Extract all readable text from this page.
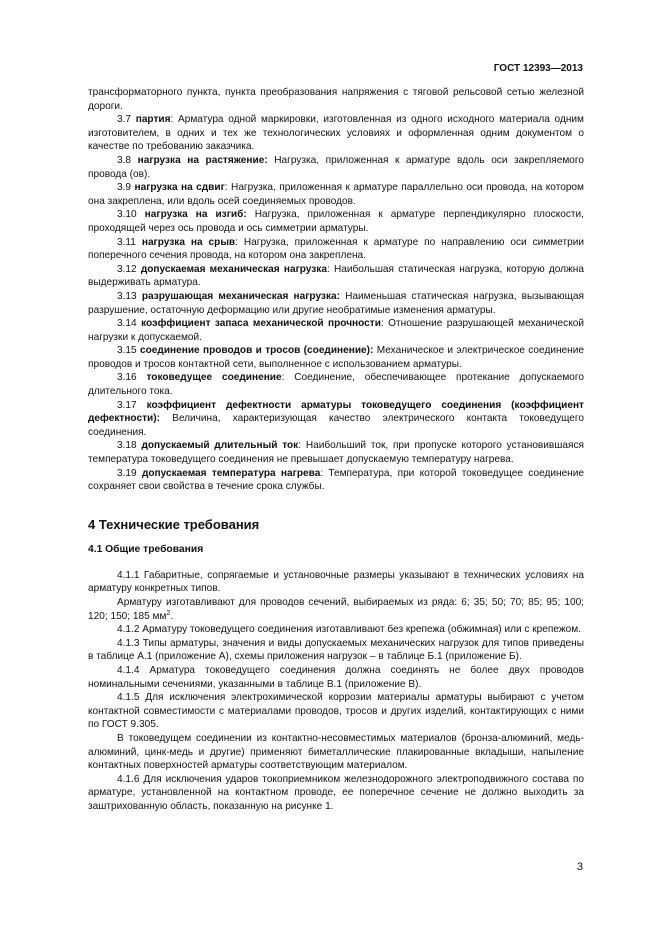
ГОСТ 12393—2013

трансформаторного пункта, пункта преобразования напряжения с тяговой рельсовой сетью железной дороги.

3.7 партия: Арматура одной маркировки, изготовленная из одного исходного материала одним изготовителем, в одних и тех же технологических условиях и оформленная одним документом о качестве по требованию заказчика.

3.8 нагрузка на растяжение: Нагрузка, приложенная к арматуре вдоль оси закрепляемого провода (ов).

3.9 нагрузка на сдвиг: Нагрузка, приложенная к арматуре параллельно оси провода, на котором она закреплена, или вдоль осей соединяемых проводов.

3.10 нагрузка на изгиб: Нагрузка, приложенная к арматуре перпендикулярно плоскости, проходящей через ось провода и ось симметрии арматуры.

3.11 нагрузка на срыв: Нагрузка, приложенная к арматуре по направлению оси симметрии поперечного сечения провода, на котором она закреплена.

3.12 допускаемая механическая нагрузка: Наибольшая статическая нагрузка, которую должна выдерживать арматура.

3.13 разрушающая механическая нагрузка: Наименьшая статическая нагрузка, вызывающая разрушение, остаточную деформацию или другие необратимые изменения арматуры.

3.14 коэффициент запаса механической прочности: Отношение разрушающей механической нагрузки к допускаемой.

3.15 соединение проводов и тросов (соединение): Механическое и электрическое соединение проводов и тросов контактной сети, выполненное с использованием арматуры.

3.16 токоведущее соединение: Соединение, обеспечивающее протекание допускаемого длительного тока.

3.17 коэффициент дефектности арматуры токоведущего соединения (коэффициент дефектности): Величина, характеризующая качество электрического контакта токоведущего соединения.

3.18 допускаемый длительный ток: Наибольший ток, при пропуске которого установившаяся температура токоведущего соединения не превышает допускаемую температуру нагрева.

3.19 допускаемая температура нагрева: Температура, при которой токоведущее соединение сохраняет свои свойства в течение срока службы.

4 Технические требования
4.1 Общие требования

4.1.1 Габаритные, сопрягаемые и установочные размеры указывают в технических условиях на арматуру конкретных типов.

Арматуру изготавливают для проводов сечений, выбираемых из ряда: 6; 35; 50; 70; 85; 95; 100; 120; 150; 185 $мм^2$.

4.1.2 Арматуру токоведущего соединения изготавливают без крепежа (обжимная) или с крепежом.

4.1.3 Типы арматуры, значения и виды допускаемых механических нагрузок для типов приведены в таблице А.1 (приложение А), схемы приложения нагрузок – в таблице Б.1 (приложение Б).

4.1.4 Арматура токоведущего соединения должна соединять не более двух проводов номинальными сечениями, указанными в таблице В.1 (приложение В).

4.1.5 Для исключения электрохимической коррозии материалы арматуры выбирают с учетом контактной совместимости с материалами проводов, тросов и других изделий, контактирующих с ними по ГОСТ 9.305.

В токоведущем соединении из контактно-несовместимых материалов (бронза-алюминий, медь-алюминий, цинк-медь и другие) применяют биметаллические плакированные вкладыши, напыление контактных поверхностей арматуры соответствующим материалом.

4.1.6 Для исключения ударов токоприемником железнодорожного электроподвижного состава по арматуре, установленной на контактном проводе, ее поперечное сечение не должно выходить за заштрихованную область, показанную на рисунке 1.

3
